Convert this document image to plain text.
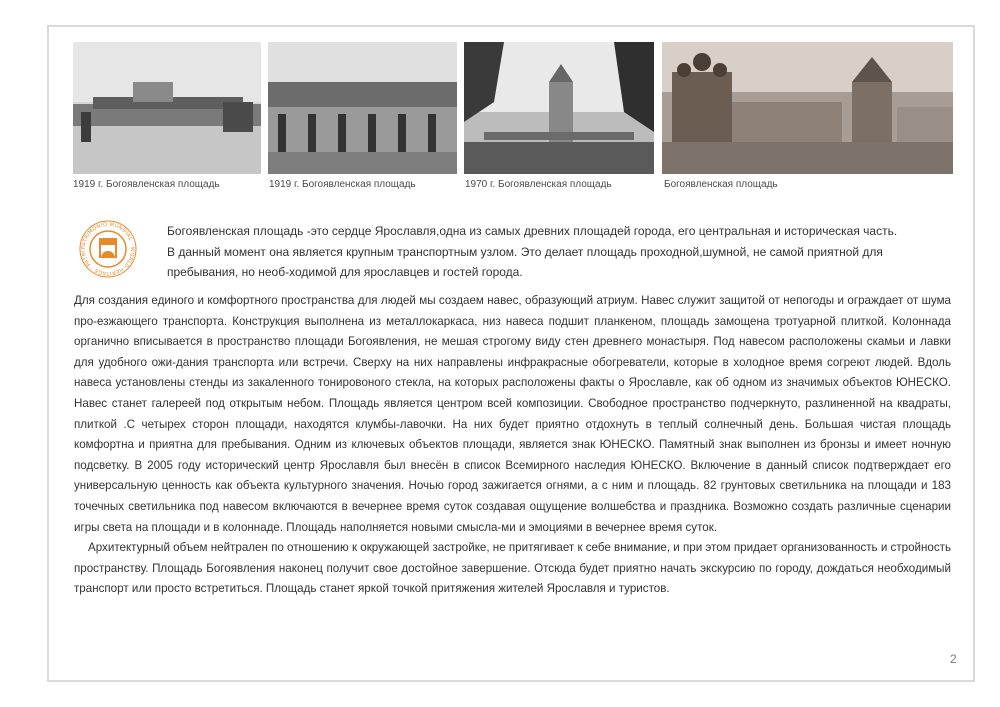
1919 г. Богоявленская площадь	1919 г. Богоявленская площадь	1970 г. Богоявленская площадь	Богоявленская площадь
PATRIMONIO MUNDIAL · WORLD HERITAGE · PATRI

Богоявленская площадь -это сердце Ярославля,одна из самых древних площадей города, его центральная и историческая часть.

В данный момент она является крупным транспортным узлом. Это делает площадь проходной,шумной, не самой приятной для пребывания, но необ-ходимой для ярославцев и гостей города.

Для создания единого и комфортного пространства для людей мы создаем навес, образующий атриум. Навес служит защитой от непогоды и ограждает от шума про-езжающего транспорта. Конструкция выполнена из металлокаркаса, низ навеса подшит планкеном, площадь замощена тротуарной плиткой. Колоннада органично вписывается в пространство площади Богоявления, не мешая строгому виду стен древнего монастыря. Под навесом расположены скамьи и лавки для удобного ожи-дания транспорта или встречи. Сверху на них направлены инфракрасные обогреватели, которые в холодное время согреют людей. Вдоль навеса установлены стенды из закаленного тонировоного стекла, на которых расположены факты о Ярославле, как об одном из значимых объектов ЮНЕСКО. Навес станет галереей под открытым небом. Площадь является центром всей композиции. Свободное пространство подчеркнуто, разлиненной на квадраты, плиткой .С четырех сторон площади, находятся клумбы-лавочки. На них будет приятно отдохнуть в теплый солнечный день. Большая чистая площадь комфортна и приятна для пребывания. Одним из ключевых объектов площади, является знак ЮНЕСКО. Памятный знак выполнен из бронзы и имеет ночную подсветку. В 2005 году исторический центр Ярославля был внесён в список Всемирного наследия ЮНЕСКО. Включение в данный список подтверждает его универсальную ценность как объекта культурного значения. Ночью город зажигается огнями, а с ним и площадь. 82 грунтовых светильника на площади и 183 точечных светильника под навесом включаются в вечернее время суток создавая ощущение волшебства и праздника. Возможно создать различные сценарии игры света на площади и в колоннаде. Площадь наполняется новыми смысла-ми и эмоциями в вечернее время суток.

Архитектурный объем нейтрален по отношению к окружающей застройке, не притягивает к себе внимание, и при этом придает организованность и стройность пространству. Площадь Богоявления наконец получит свое достойное завершение. Отсюда будет приятно начать экскурсию по городу, дождаться необходимый транспорт или просто встретиться. Площадь станет яркой точкой притяжения жителей Ярославля и туристов.

2
